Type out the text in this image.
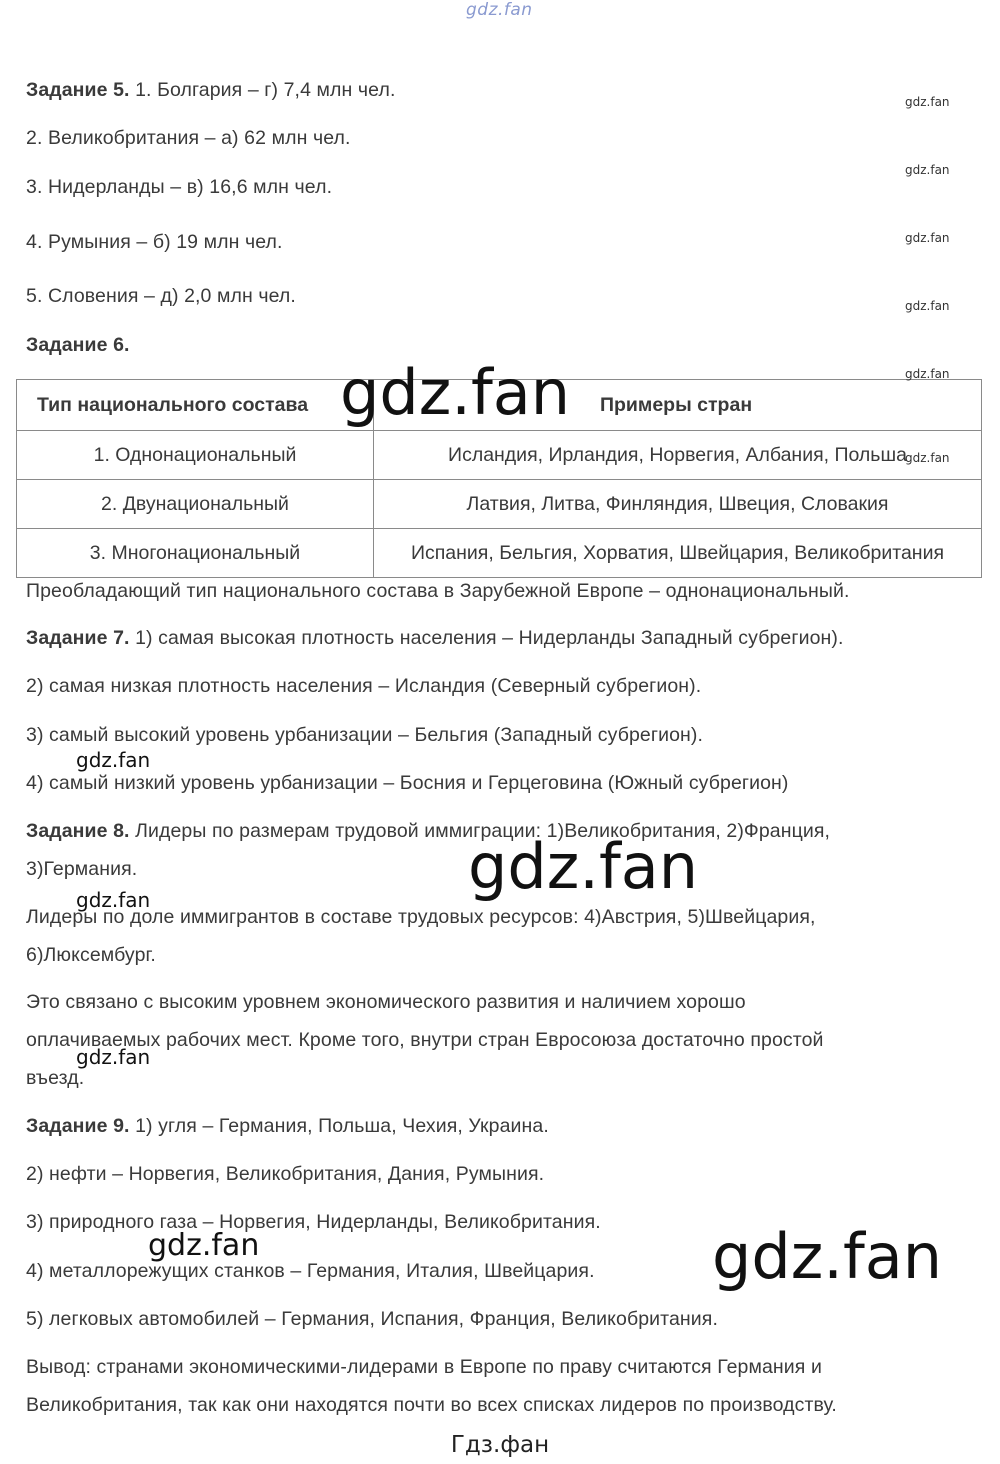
gdz.fan
Задание 5. 1. Болгария – г) 7,4 млн чел.
2. Великобритания – а) 62 млн чел.
3. Нидерланды – в) 16,6 млн чел.
4. Румыния – б) 19 млн чел.
5. Словения – д) 2,0 млн чел.
Задание 6.
Тип национального состава	Примеры стран
1. Однонациональный	Исландия, Ирландия, Норвегия, Албания, Польша
2. Двунациональный	Латвия, Литва, Финляндия, Швеция, Словакия
3. Многонациональный	Испания, Бельгия, Хорватия, Швейцария, Великобритания
Преобладающий тип национального состава в Зарубежной Европе – однонациональный.
Задание 7. 1) самая высокая плотность населения – Нидерланды Западный субрегион).
2) самая низкая плотность населения – Исландия (Северный субрегион).
3) самый высокий уровень урбанизации – Бельгия (Западный субрегион).
4) самый низкий уровень урбанизации – Босния и Герцеговина (Южный субрегион)
Задание 8. Лидеры по размерам трудовой иммиграции: 1)Великобритания, 2)Франция,
3)Германия.
Лидеры по доле иммигрантов в составе трудовых ресурсов: 4)Австрия, 5)Швейцария,
6)Люксембург.
Это связано с высоким уровнем экономического развития и наличием хорошо
оплачиваемых рабочих мест. Кроме того, внутри стран Евросоюза достаточно простой
въезд.
Задание 9. 1) угля – Германия, Польша, Чехия, Украина.
2) нефти – Норвегия, Великобритания, Дания, Румыния.
3) природного газа – Норвегия, Нидерланды, Великобритания.
4) металлорежущих станков – Германия, Италия, Швейцария.
5) легковых автомобилей – Германия, Испания, Франция, Великобритания.
Вывод: странами экономическими-лидерами в Европе по праву считаются Германия и
Великобритания, так как они находятся почти во всех списках лидеров по производству.
gdz.fan
gdz.fan
gdz.fan
gdz.fan
gdz.fan
gdz.fan
gdz.fan
gdz.fan
gdz.fan
gdz.fan
gdz.fan
gdz.fan
gdz.fan
Гдз.фан
